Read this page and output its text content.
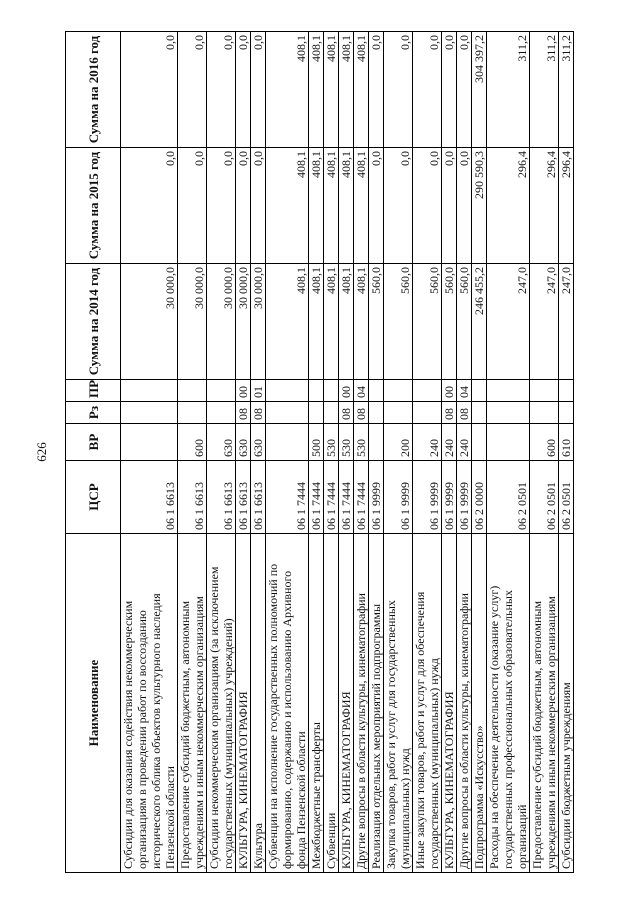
626
Наименование	ЦСР	ВР	Рз	ПР	Сумма на 2014 год	Сумма на 2015 год	Сумма на 2016 год
Субсидии для оказания содействия некоммерческим организациям в проведении работ по воссозданию исторического облика объектов культурного наследия Пензенской области	06 1 6613				30 000,0	0,0	0,0
Предоставление субсидий бюджетным, автономным учреждениям и иным некоммерческим организациям	06 1 6613	600			30 000,0	0,0	0,0
Субсидии некоммерческим организациям (за исключением государственных (муниципальных) учреждений)	06 1 6613	630			30 000,0	0,0	0,0
КУЛЬТУРА, КИНЕМАТОГРАФИЯ	06 1 6613	630	08	00	30 000,0	0,0	0,0
Культура	06 1 6613	630	08	01	30 000,0	0,0	0,0
Субвенции на исполнение государственных полномочий по формированию, содержанию и использованию Архивного фонда Пензенской области	06 1 7444				408,1	408,1	408,1
Межбюджетные трансферты	06 1 7444	500			408,1	408,1	408,1
Субвенции	06 1 7444	530			408,1	408,1	408,1
КУЛЬТУРА, КИНЕМАТОГРАФИЯ	06 1 7444	530	08	00	408,1	408,1	408,1
Другие вопросы в области культуры, кинематографии	06 1 7444	530	08	04	408,1	408,1	408,1
Реализация отдельных мероприятий подпрограммы	06 1 9999				560,0	0,0	0,0
Закупка товаров, работ и услуг для государственных (муниципальных) нужд	06 1 9999	200			560,0	0,0	0,0
Иные закупки товаров, работ и услуг для обеспечения государственных (муниципальных) нужд	06 1 9999	240			560,0	0,0	0,0
КУЛЬТУРА, КИНЕМАТОГРАФИЯ	06 1 9999	240	08	00	560,0	0,0	0,0
Другие вопросы в области культуры, кинематографии	06 1 9999	240	08	04	560,0	0,0	0,0
Подпрограмма «Искусство»	06 2 0000				246 455,2	290 590,3	304 397,2
Расходы на обеспечение деятельности (оказание услуг) государственных профессиональных образовательных организаций	06 2 0501				247,0	296,4	311,2
Предоставление субсидий бюджетным, автономным учреждениям и иным некоммерческим организациям	06 2 0501	600			247,0	296,4	311,2
Субсидии бюджетным учреждениям	06 2 0501	610			247,0	296,4	311,2
